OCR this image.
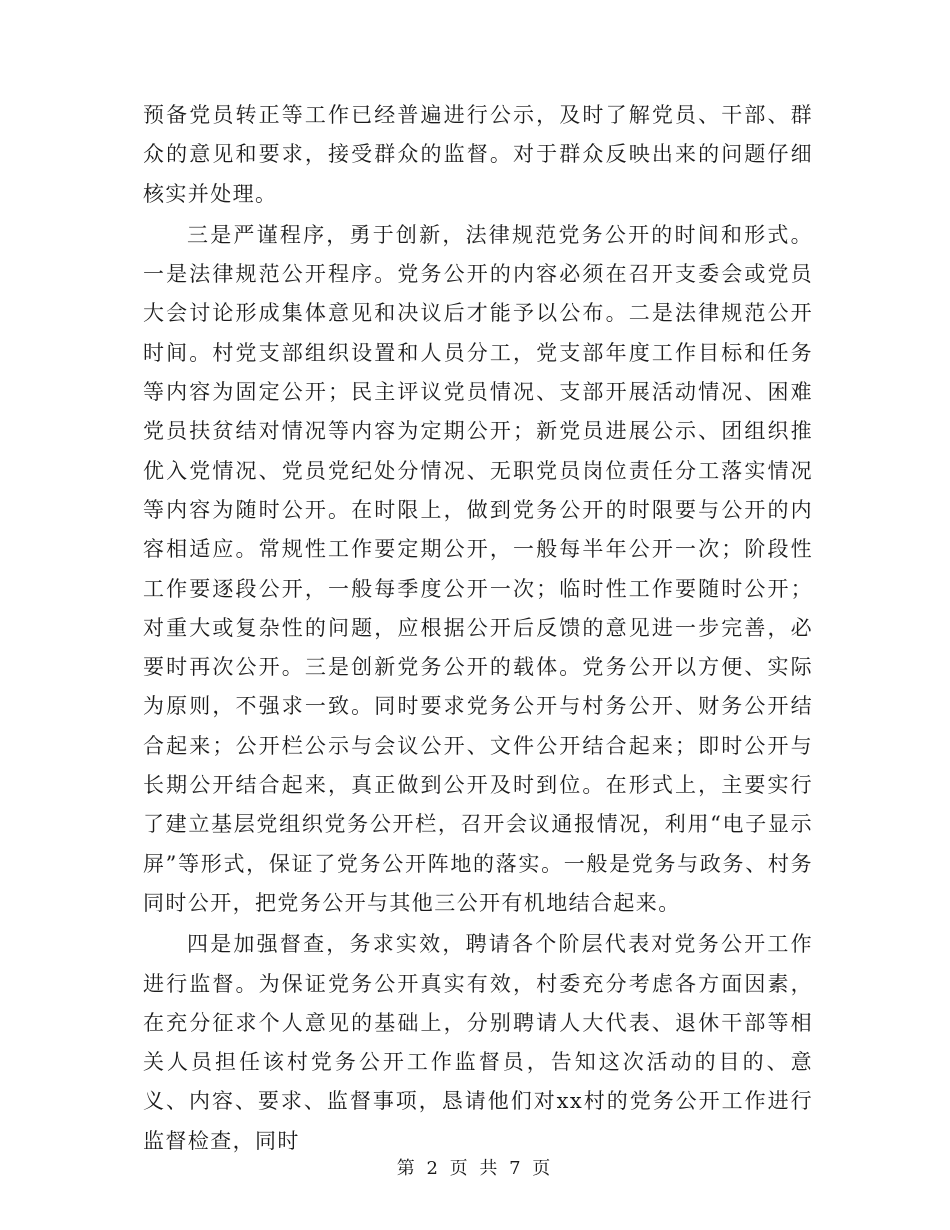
预备党员转正等工作已经普遍进行公示，及时了解党员、干部、群众的意见和要求，接受群众的监督。对于群众反映出来的问题仔细核实并处理。

三是严谨程序，勇于创新，法律规范党务公开的时间和形式。一是法律规范公开程序。党务公开的内容必须在召开支委会或党员大会讨论形成集体意见和决议后才能予以公布。二是法律规范公开时间。村党支部组织设置和人员分工，党支部年度工作目标和任务等内容为固定公开；民主评议党员情况、支部开展活动情况、困难党员扶贫结对情况等内容为定期公开；新党员进展公示、团组织推优入党情况、党员党纪处分情况、无职党员岗位责任分工落实情况等内容为随时公开。在时限上，做到党务公开的时限要与公开的内容相适应。常规性工作要定期公开，一般每半年公开一次；阶段性工作要逐段公开，一般每季度公开一次；临时性工作要随时公开；对重大或复杂性的问题，应根据公开后反馈的意见进一步完善，必要时再次公开。三是创新党务公开的载体。党务公开以方便、实际为原则，不强求一致。同时要求党务公开与村务公开、财务公开结合起来；公开栏公示与会议公开、文件公开结合起来；即时公开与长期公开结合起来，真正做到公开及时到位。在形式上，主要实行了建立基层党组织党务公开栏，召开会议通报情况，利用“电子显示屏”等形式，保证了党务公开阵地的落实。一般是党务与政务、村务同时公开，把党务公开与其他三公开有机地结合起来。

四是加强督查，务求实效，聘请各个阶层代表对党务公开工作进行监督。为保证党务公开真实有效，村委充分考虑各方面因素，在充分征求个人意见的基础上，分别聘请人大代表、退休干部等相关人员担任该村党务公开工作监督员，告知这次活动的目的、意义、内容、要求、监督事项，恳请他们对xx村的党务公开工作进行监督检查，同时

第 2 页 共 7 页
